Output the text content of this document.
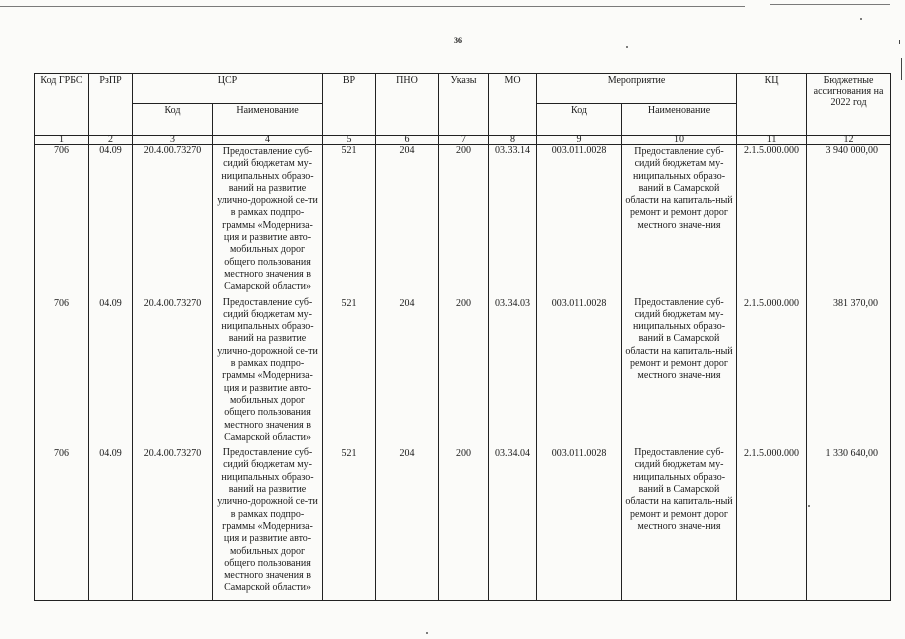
36
Код ГРБС	РзПР	ЦСР		ВР	ПНО	Указы	МО	Мероприятие		КЦ	Бюджетные ассигнования на 2022 год
		Код	Наименование					Код	Наименование		
1	2	3	4	5	6	7	8	9	10	11	12
706	04.09	20.4.00.73270	Предоставление суб-сидий бюджетам му-ниципальных образо-ваний на развитие улично-дорожной се-ти в рамках подпро-граммы «Модерниза-ция и развитие авто-мобильных дорог общего пользования местного значения в Самарской области»	521	204	200	03.33.14	003.011.0028	Предоставление суб-сидий бюджетам му-ниципальных образо-ваний в Самарской области на капиталь-ный ремонт и ремонт дорог местного значе-ния	2.1.5.000.000	3 940 000,00
706	04.09	20.4.00.73270	Предоставление суб-сидий бюджетам му-ниципальных образо-ваний на развитие улично-дорожной се-ти в рамках подпро-граммы «Модерниза-ция и развитие авто-мобильных дорог общего пользования местного значения в Самарской области»	521	204	200	03.34.03	003.011.0028	Предоставление суб-сидий бюджетам му-ниципальных образо-ваний в Самарской области на капиталь-ный ремонт и ремонт дорог местного значе-ния	2.1.5.000.000	381 370,00
706	04.09	20.4.00.73270	Предоставление суб-сидий бюджетам му-ниципальных образо-ваний на развитие улично-дорожной се-ти в рамках подпро-граммы «Модерниза-ция и развитие авто-мобильных дорог общего пользования местного значения в Самарской области»	521	204	200	03.34.04	003.011.0028	Предоставление суб-сидий бюджетам му-ниципальных образо-ваний в Самарской области на капиталь-ный ремонт и ремонт дорог местного значе-ния	2.1.5.000.000	1 330 640,00
